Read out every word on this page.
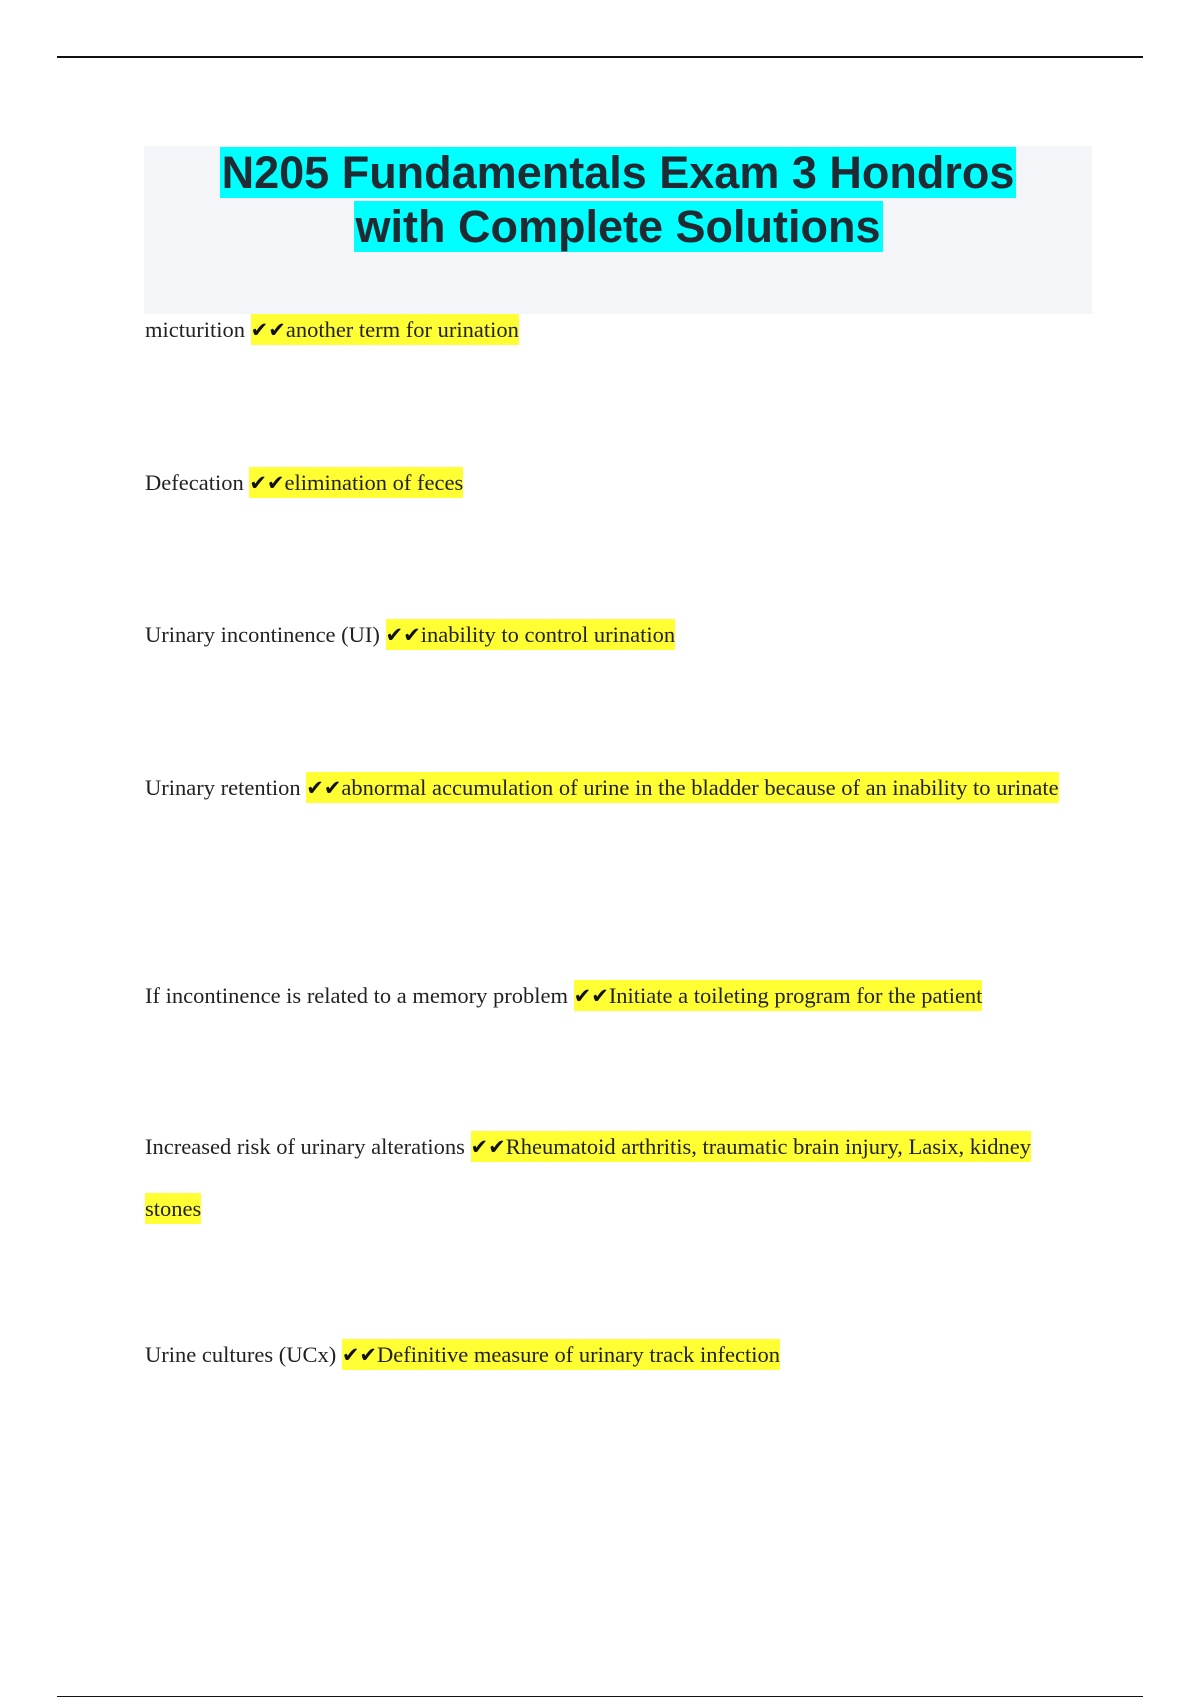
N205 Fundamentals Exam 3 Hondros
with Complete Solutions
micturition ✔✔another term for urination
Defecation ✔✔elimination of feces
Urinary incontinence (UI) ✔✔inability to control urination
Urinary retention ✔✔abnormal accumulation of urine in the bladder because of an inability to urinate
If incontinence is related to a memory problem ✔✔Initiate a toileting program for the patient
Increased risk of urinary alterations ✔✔Rheumatoid arthritis, traumatic brain injury, Lasix, kidney stones
Urine cultures (UCx) ✔✔Definitive measure of urinary track infection
